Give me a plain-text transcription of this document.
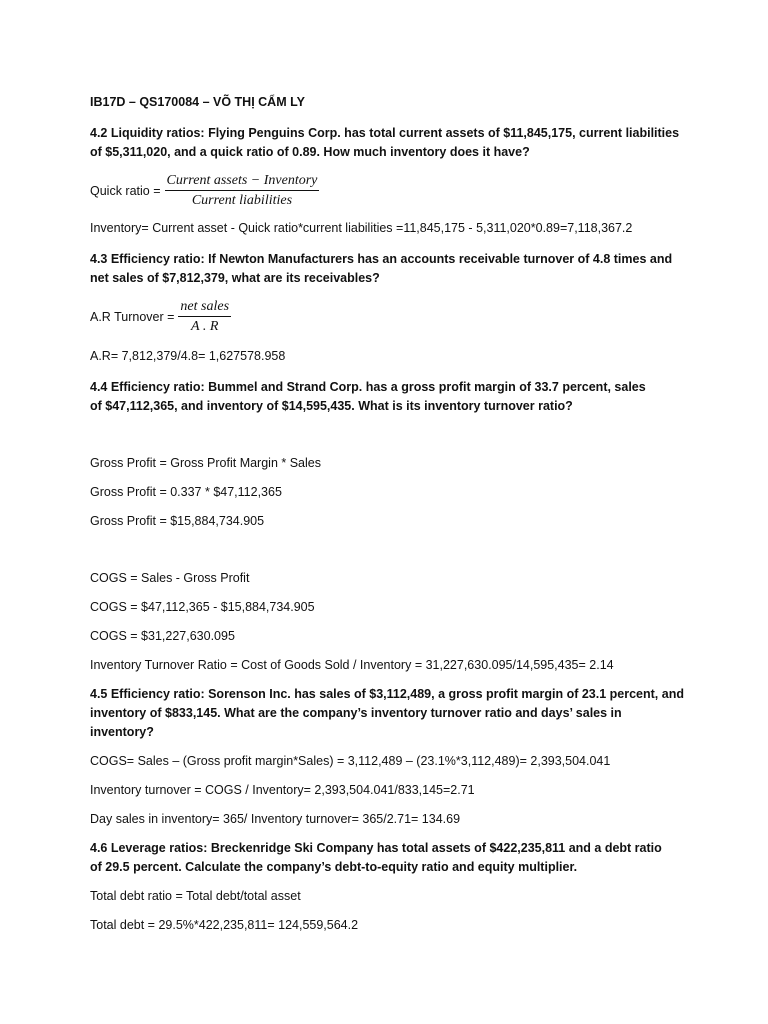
IB17D – QS170084 – VÕ THỊ CẨM LY

4.2 Liquidity ratios: Flying Penguins Corp. has total current assets of $11,845,175, current liabilities of $5,311,020, and a quick ratio of 0.89. How much inventory does it have?

Quick ratio = $\frac{\text{Current assets − Inventory}}{\text{Current liabilities}}$

Inventory= Current asset - Quick ratio*current liabilities =11,845,175 - 5,311,020*0.89=7,118,367.2

4.3 Efficiency ratio: If Newton Manufacturers has an accounts receivable turnover of 4.8 times and net sales of $7,812,379, what are its receivables?

A.R Turnover = $\frac{\text{net sales}}{A . R}$

A.R= 7,812,379/4.8= 1,627578.958

4.4 Efficiency ratio: Bummel and Strand Corp. has a gross profit margin of 33.7 percent, sales of $47,112,365, and inventory of $14,595,435. What is its inventory turnover ratio?

Gross Profit = Gross Profit Margin * Sales

Gross Profit = 0.337 * $47,112,365

Gross Profit = $15,884,734.905

COGS = Sales - Gross Profit

COGS = $47,112,365 - $15,884,734.905

COGS = $31,227,630.095

Inventory Turnover Ratio = Cost of Goods Sold / Inventory = 31,227,630.095/14,595,435= 2.14

4.5 Efficiency ratio: Sorenson Inc. has sales of $3,112,489, a gross profit margin of 23.1 percent, and inventory of $833,145. What are the company’s inventory turnover ratio and days’ sales in inventory?

COGS= Sales – (Gross profit margin*Sales) = 3,112,489 – (23.1%*3,112,489)= 2,393,504.041

Inventory turnover = COGS / Inventory= 2,393,504.041/833,145=2.71

Day sales in inventory= 365/ Inventory turnover= 365/2.71= 134.69

4.6 Leverage ratios: Breckenridge Ski Company has total assets of $422,235,811 and a debt ratio of 29.5 percent. Calculate the company’s debt-to-equity ratio and equity multiplier.

Total debt ratio = Total debt/total asset

Total debt = 29.5%*422,235,811= 124,559,564.2
